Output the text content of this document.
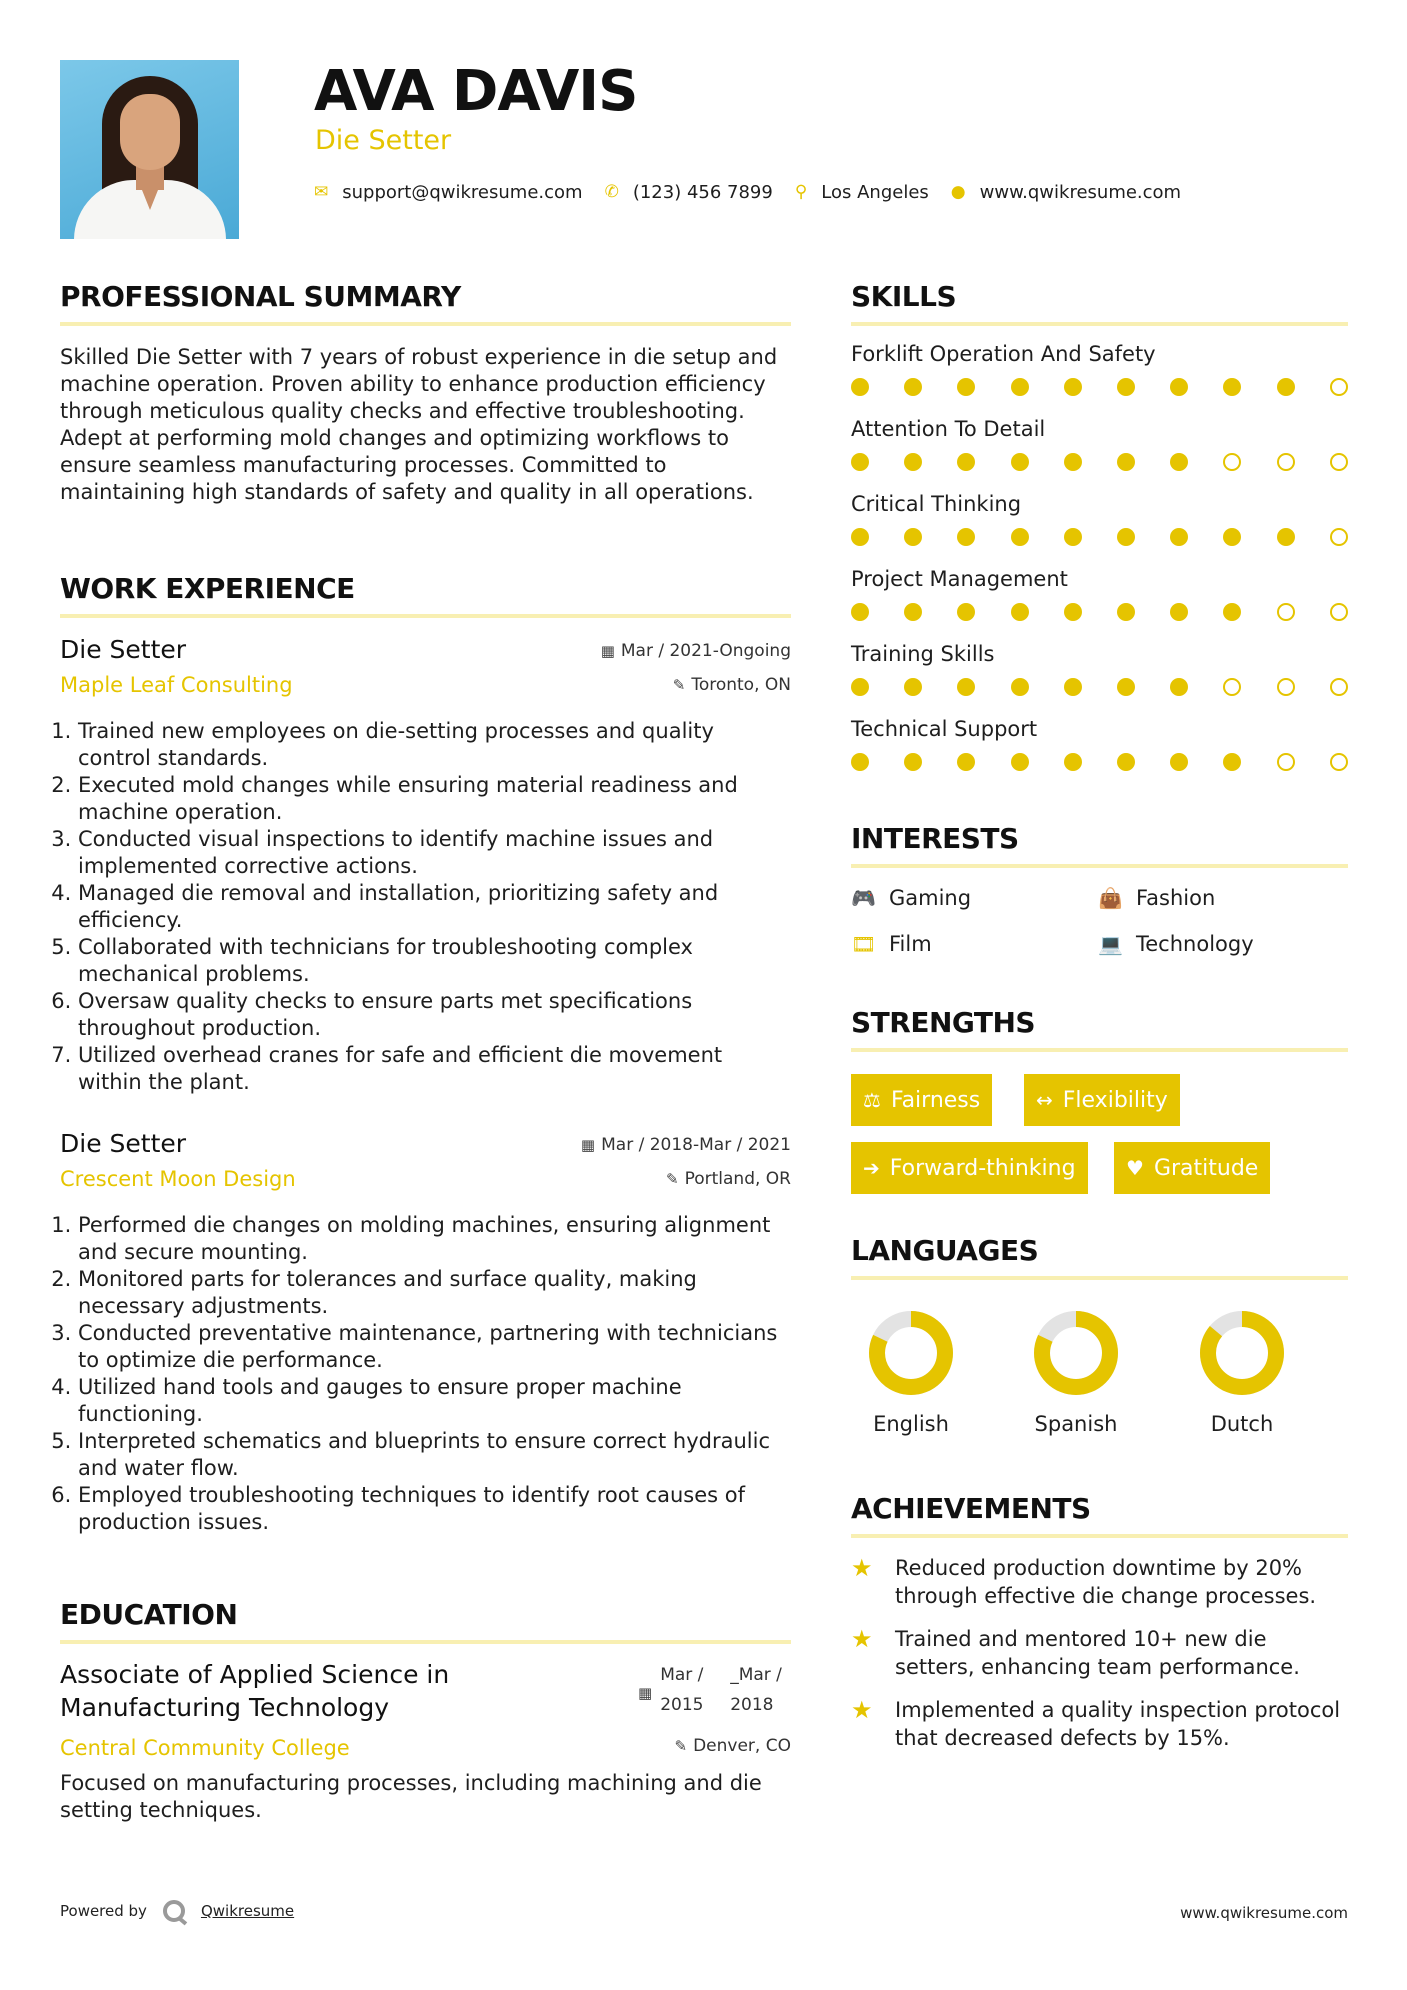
AVA DAVIS
Die Setter
✉ support@qwikresume.com ✆ (123) 456 7899 ⚲ Los Angeles ● www.qwikresume.com
PROFESSIONAL SUMMARY

Skilled Die Setter with 7 years of robust experience in die setup and machine operation. Proven ability to enhance production efficiency through meticulous quality checks and effective troubleshooting. Adept at performing mold changes and optimizing workflows to ensure seamless manufacturing processes. Committed to maintaining high standards of safety and quality in all operations.

WORK EXPERIENCE
Die Setter	▦ Mar / 2021-Ongoing
Maple Leaf Consulting	✎ Toronto, ON
1. Trained new employees on die-setting processes and quality control standards.
2. Executed mold changes while ensuring material readiness and machine operation.
3. Conducted visual inspections to identify machine issues and implemented corrective actions.
4. Managed die removal and installation, prioritizing safety and efficiency.
5. Collaborated with technicians for troubleshooting complex mechanical problems.
6. Oversaw quality checks to ensure parts met specifications throughout production.
7. Utilized overhead cranes for safe and efficient die movement within the plant.
Die Setter	▦ Mar / 2018-Mar / 2021
Crescent Moon Design	✎ Portland, OR
1. Performed die changes on molding machines, ensuring alignment and secure mounting.
2. Monitored parts for tolerances and surface quality, making necessary adjustments.
3. Conducted preventative maintenance, partnering with technicians to optimize die performance.
4. Utilized hand tools and gauges to ensure proper machine functioning.
5. Interpreted schematics and blueprints to ensure correct hydraulic and water flow.
6. Employed troubleshooting techniques to identify root causes of production issues.
EDUCATION
Associate of Applied Science in Manufacturing Technology	▦
Mar /
2015
_Mar /
2018
Central Community College	✎ Denver, CO

Focused on manufacturing processes, including machining and die setting techniques.

SKILLS
Forklift Operation And Safety
Attention To Detail
Critical Thinking
Project Management
Training Skills
Technical Support
INTERESTS
🎮 Gaming	👜 Fashion
🎞 Film	💻 Technology
STRENGTHS
⚖ Fairness	↔ Flexibility
➔ Forward-thinking	♥ Gratitude
LANGUAGES
English	Spanish	Dutch
ACHIEVEMENTS
★	Reduced production downtime by 20% through effective die change processes.
★	Trained and mentored 10+ new die setters, enhancing team performance.
★	Implemented a quality inspection protocol that decreased defects by 15%.
Powered by	Qwikresume	www.qwikresume.com
